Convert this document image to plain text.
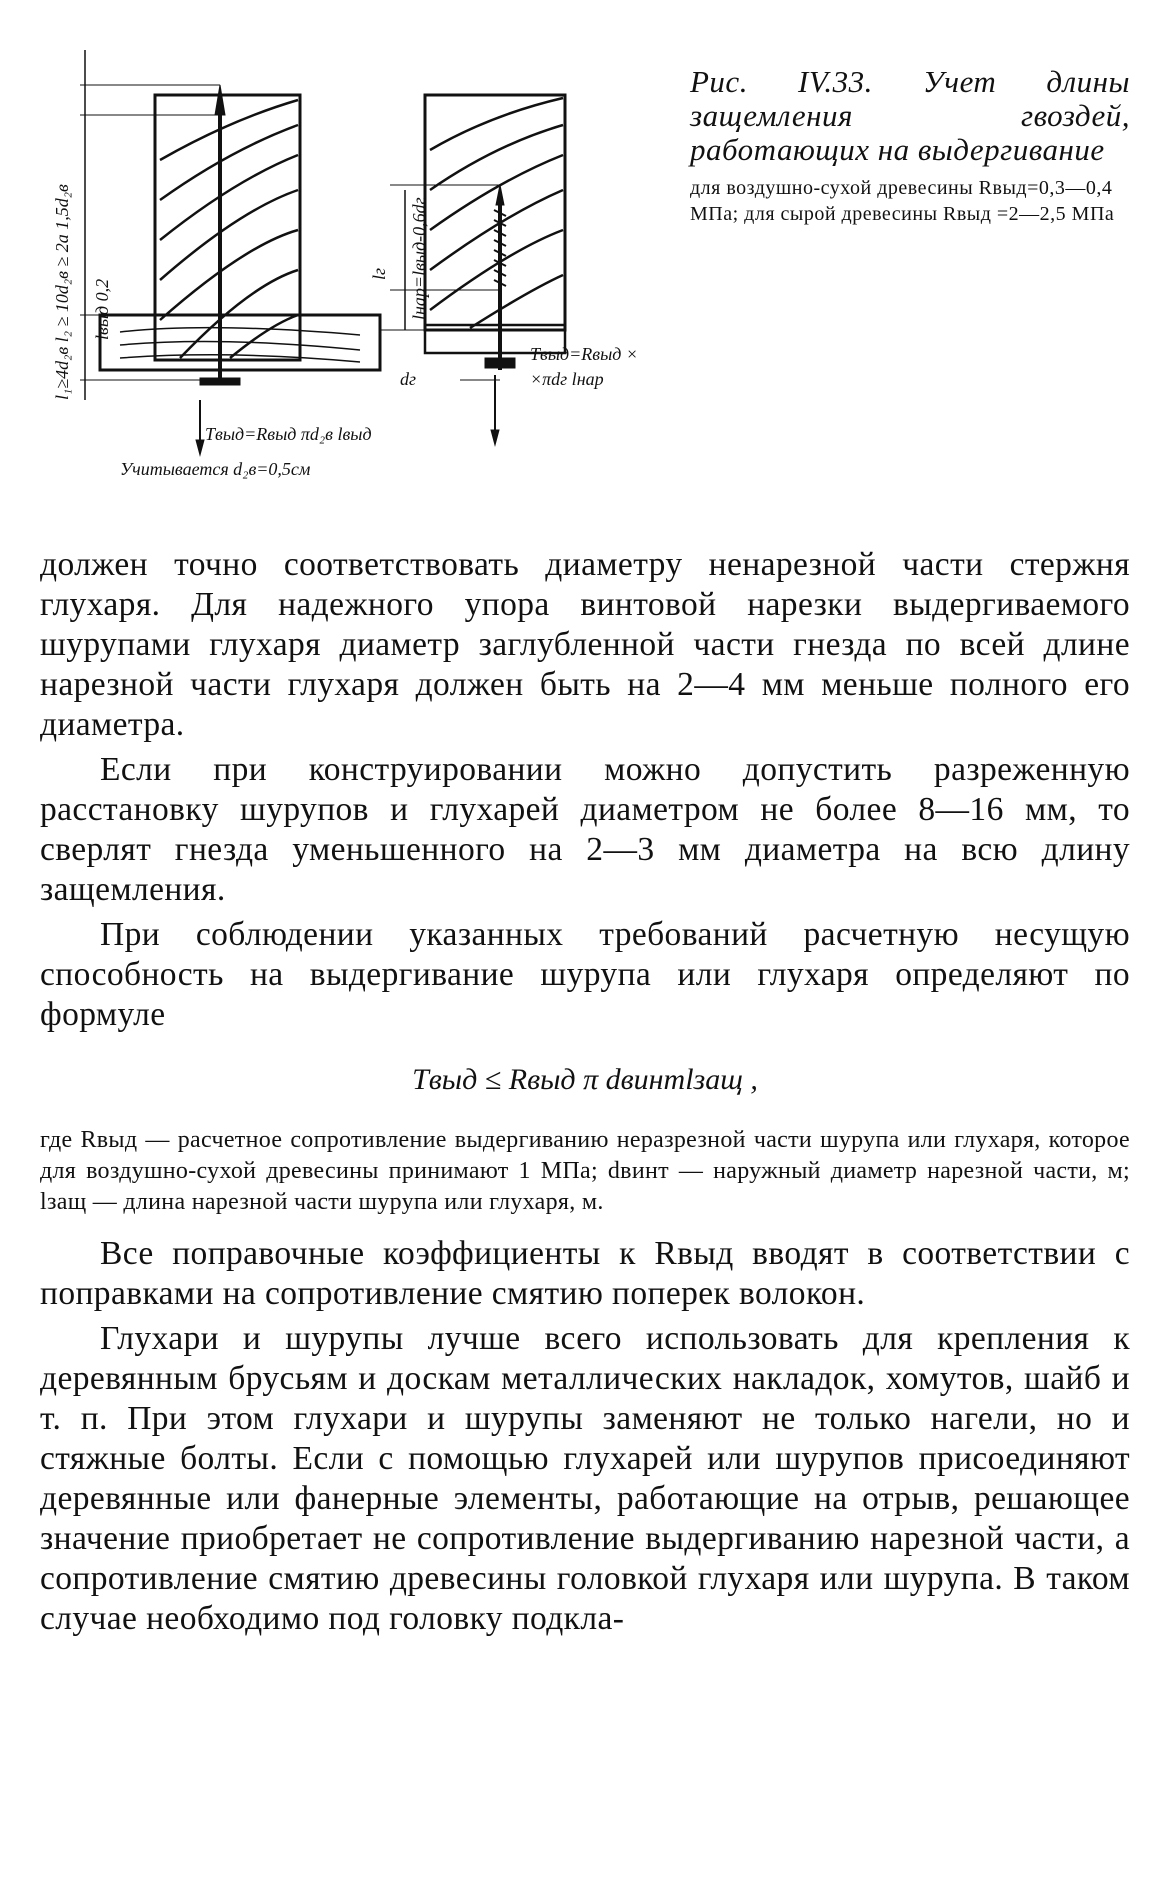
l₁≥4d₂в l₂ ≥ 10d₂в ≥ 2a 1,5d₂в lвыд 0,2
Tвыд=Rвыд πd₂в lвыд
Учитывается d₂в=0,5см
lг lнар=lвыд-0,6dг
dг
Tвыд=Rвыд ×
×πdг lнар

Рис. IV.33. Учет длины защемления гвоздей, работающих на выдергивание

для воздушно-сухой древесины Rвыд=0,3—0,4 МПа; для сырой древесины Rвыд =2—2,5 МПа

должен точно соответствовать диаметру ненарезной части стержня глухаря. Для надежного упора винтовой нарезки выдергиваемого шурупами глухаря диаметр заглубленной части гнезда по всей длине нарезной части глухаря должен быть на 2—4 мм меньше полного его диаметра.

Если при конструировании можно допустить разреженную расстановку шурупов и глухарей диаметром не более 8—16 мм, то сверлят гнезда уменьшенного на 2—3 мм диаметра на всю длину защемления.

При соблюдении указанных требований расчетную несущую способность на выдергивание шурупа или глухаря определяют по формуле

Tвыд ≤ Rвыд π dвинтlзащ ,

где Rвыд — расчетное сопротивление выдергиванию неразрезной части шурупа или глухаря, которое для воздушно-сухой древесины принимают 1 МПа; dвинт — наружный диаметр нарезной части, м; lзащ — длина нарезной части шурупа или глухаря, м.

Все поправочные коэффициенты к Rвыд вводят в соответствии с поправками на сопротивление смятию поперек волокон.

Глухари и шурупы лучше всего использовать для крепления к деревянным брусьям и доскам металлических накладок, хомутов, шайб и т. п. При этом глухари и шурупы заменяют не только нагели, но и стяжные болты. Если с помощью глухарей или шурупов присоединяют деревянные или фанерные элементы, работающие на отрыв, решающее значение приобретает не сопротивление выдергиванию нарезной части, а сопротивление смятию древесины головкой глухаря или шурупа. В таком случае необходимо под головку подкла-
